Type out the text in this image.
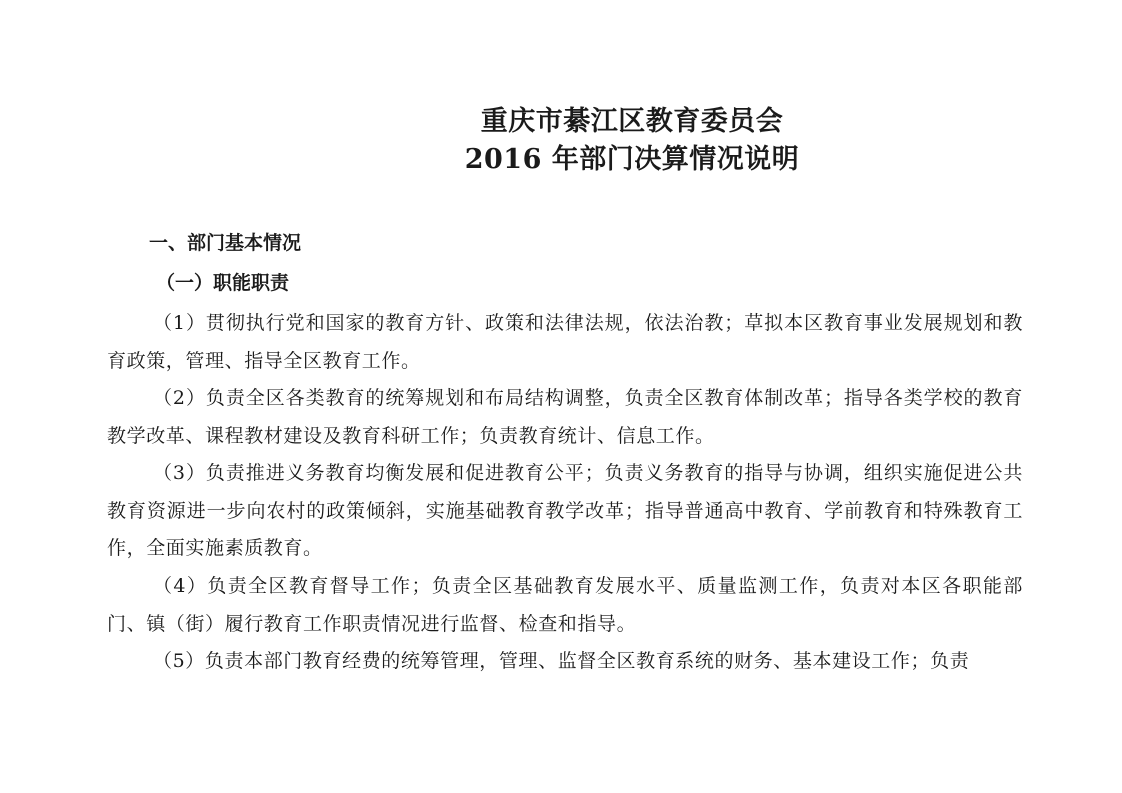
重庆市綦江区教育委员会
2016 年部门决算情况说明
一、部门基本情况
（一）职能职责

（1）贯彻执行党和国家的教育方针、政策和法律法规，依法治教；草拟本区教育事业发展规划和教育政策，管理、指导全区教育工作。

（2）负责全区各类教育的统筹规划和布局结构调整，负责全区教育体制改革；指导各类学校的教育教学改革、课程教材建设及教育科研工作；负责教育统计、信息工作。

（3）负责推进义务教育均衡发展和促进教育公平；负责义务教育的指导与协调，组织实施促进公共教育资源进一步向农村的政策倾斜，实施基础教育教学改革；指导普通高中教育、学前教育和特殊教育工作，全面实施素质教育。

（4）负责全区教育督导工作；负责全区基础教育发展水平、质量监测工作，负责对本区各职能部门、镇（街）履行教育工作职责情况进行监督、检查和指导。

（5）负责本部门教育经费的统筹管理，管理、监督全区教育系统的财务、基本建设工作；负责
